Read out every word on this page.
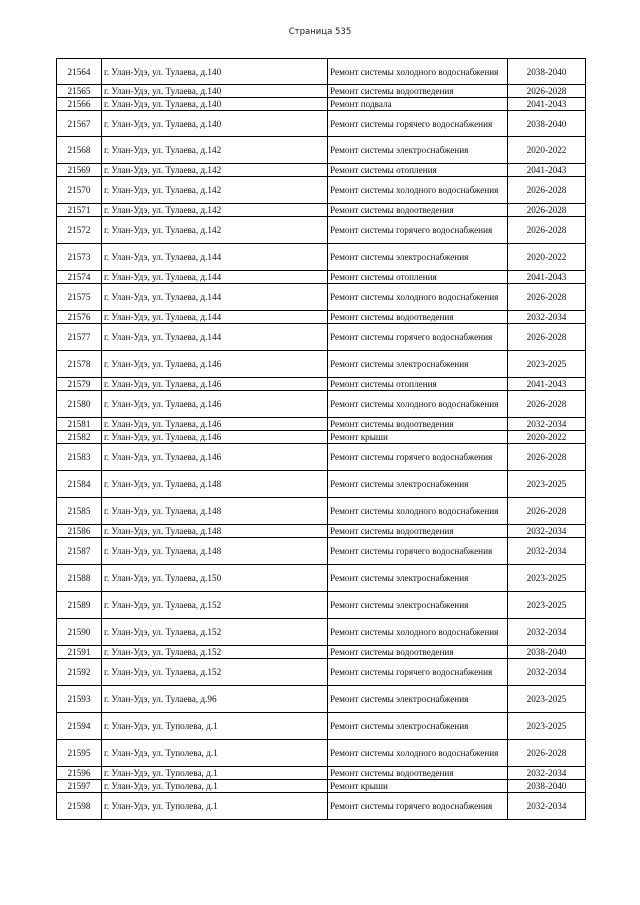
Страница 535
21564	г. Улан-Удэ, ул. Тулаева, д.140	Ремонт системы холодного водоснабжения	2038-2040
21565	г. Улан-Удэ, ул. Тулаева, д.140	Ремонт системы водоотведения	2026-2028
21566	г. Улан-Удэ, ул. Тулаева, д.140	Ремонт подвала	2041-2043
21567	г. Улан-Удэ, ул. Тулаева, д.140	Ремонт системы горячего водоснабжения	2038-2040
21568	г. Улан-Удэ, ул. Тулаева, д.142	Ремонт системы электроснабжения	2020-2022
21569	г. Улан-Удэ, ул. Тулаева, д.142	Ремонт системы отопления	2041-2043
21570	г. Улан-Удэ, ул. Тулаева, д.142	Ремонт системы холодного водоснабжения	2026-2028
21571	г. Улан-Удэ, ул. Тулаева, д.142	Ремонт системы водоотведения	2026-2028
21572	г. Улан-Удэ, ул. Тулаева, д.142	Ремонт системы горячего водоснабжения	2026-2028
21573	г. Улан-Удэ, ул. Тулаева, д.144	Ремонт системы электроснабжения	2020-2022
21574	г. Улан-Удэ, ул. Тулаева, д.144	Ремонт системы отопления	2041-2043
21575	г. Улан-Удэ, ул. Тулаева, д.144	Ремонт системы холодного водоснабжения	2026-2028
21576	г. Улан-Удэ, ул. Тулаева, д.144	Ремонт системы водоотведения	2032-2034
21577	г. Улан-Удэ, ул. Тулаева, д.144	Ремонт системы горячего водоснабжения	2026-2028
21578	г. Улан-Удэ, ул. Тулаева, д.146	Ремонт системы электроснабжения	2023-2025
21579	г. Улан-Удэ, ул. Тулаева, д.146	Ремонт системы отопления	2041-2043
21580	г. Улан-Удэ, ул. Тулаева, д.146	Ремонт системы холодного водоснабжения	2026-2028
21581	г. Улан-Удэ, ул. Тулаева, д.146	Ремонт системы водоотведения	2032-2034
21582	г. Улан-Удэ, ул. Тулаева, д.146	Ремонт крыши	2020-2022
21583	г. Улан-Удэ, ул. Тулаева, д.146	Ремонт системы горячего водоснабжения	2026-2028
21584	г. Улан-Удэ, ул. Тулаева, д.148	Ремонт системы электроснабжения	2023-2025
21585	г. Улан-Удэ, ул. Тулаева, д.148	Ремонт системы холодного водоснабжения	2026-2028
21586	г. Улан-Удэ, ул. Тулаева, д.148	Ремонт системы водоотведения	2032-2034
21587	г. Улан-Удэ, ул. Тулаева, д.148	Ремонт системы горячего водоснабжения	2032-2034
21588	г. Улан-Удэ, ул. Тулаева, д.150	Ремонт системы электроснабжения	2023-2025
21589	г. Улан-Удэ, ул. Тулаева, д.152	Ремонт системы электроснабжения	2023-2025
21590	г. Улан-Удэ, ул. Тулаева, д.152	Ремонт системы холодного водоснабжения	2032-2034
21591	г. Улан-Удэ, ул. Тулаева, д.152	Ремонт системы водоотведения	2038-2040
21592	г. Улан-Удэ, ул. Тулаева, д.152	Ремонт системы горячего водоснабжения	2032-2034
21593	г. Улан-Удэ, ул. Тулаева, д.96	Ремонт системы электроснабжения	2023-2025
21594	г. Улан-Удэ, ул. Туполева, д.1	Ремонт системы электроснабжения	2023-2025
21595	г. Улан-Удэ, ул. Туполева, д.1	Ремонт системы холодного водоснабжения	2026-2028
21596	г. Улан-Удэ, ул. Туполева, д.1	Ремонт системы водоотведения	2032-2034
21597	г. Улан-Удэ, ул. Туполева, д.1	Ремонт крыши	2038-2040
21598	г. Улан-Удэ, ул. Туполева, д.1	Ремонт системы горячего водоснабжения	2032-2034
